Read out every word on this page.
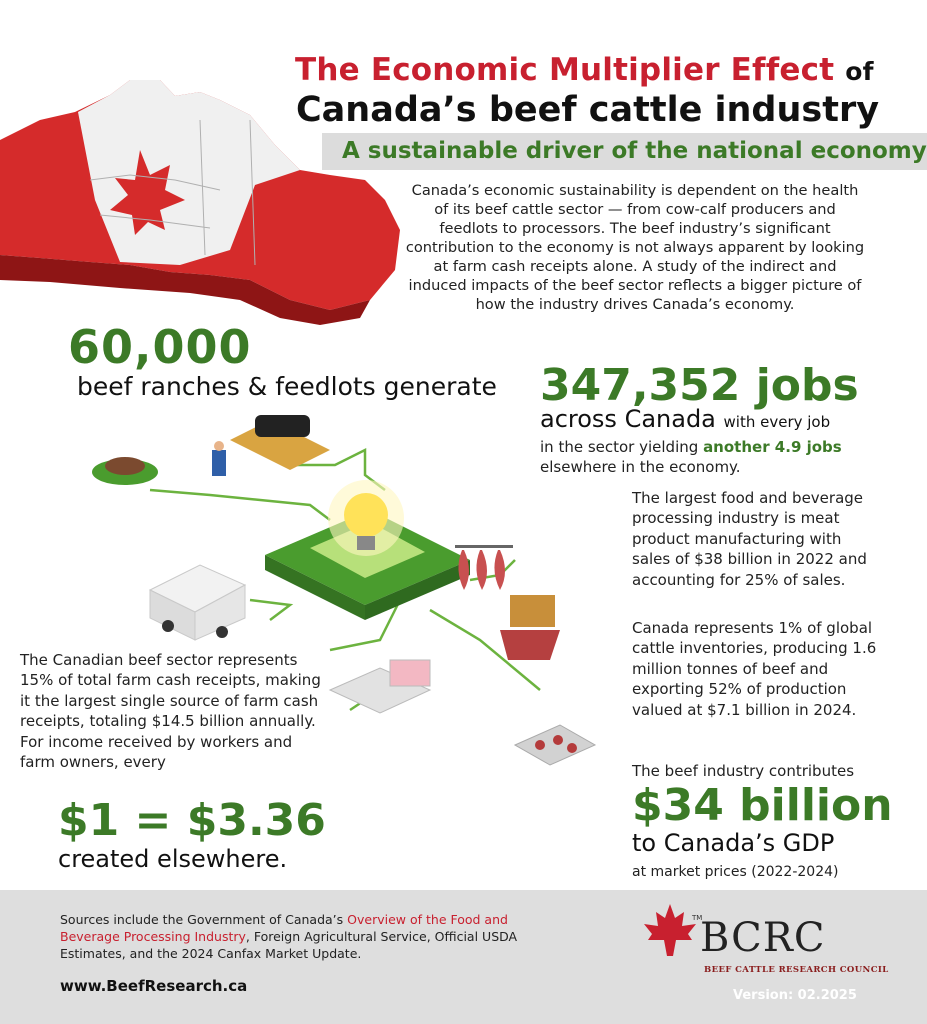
The Economic Multiplier Effect of
Canada’s beef cattle industry
A sustainable driver of the national economy
Canada’s economic sustainability is dependent on the health of its beef cattle sector — from cow-calf producers and feedlots to processors. The beef industry’s significant contribution to the economy is not always apparent by looking at farm cash receipts alone. A study of the indirect and induced impacts of the beef sector reflects a bigger picture of how the industry drives Canada’s economy.
60,000
beef ranches & feedlots generate 347,352 jobs
across Canada with every job
in the sector yielding another 4.9 jobs
elsewhere in the economy.
The largest food and beverage processing industry is meat product manufacturing with sales of $38 billion in 2022 and accounting for 25% of sales.
Canada represents 1% of global cattle inventories, producing 1.6 million tonnes of beef and exporting 52% of production valued at $7.1 billion in 2024.
The beef industry contributes
$34 billion
to Canada’s GDP
at market prices (2022-2024)
The Canadian beef sector represents 15% of total farm cash receipts, making it the largest single source of farm cash receipts, totaling $14.5 billion annually. For income received by workers and farm owners, every
$1 = $3.36
created elsewhere.
Sources include the Government of Canada’s Overview of the Food and Beverage Processing Industry, Foreign Agricultural Service, Official USDA Estimates, and the 2024 Canfax Market Update.
www.BeefResearch.ca
TM
BCRC
BEEF CATTLE RESEARCH COUNCIL
Version: 02.2025
